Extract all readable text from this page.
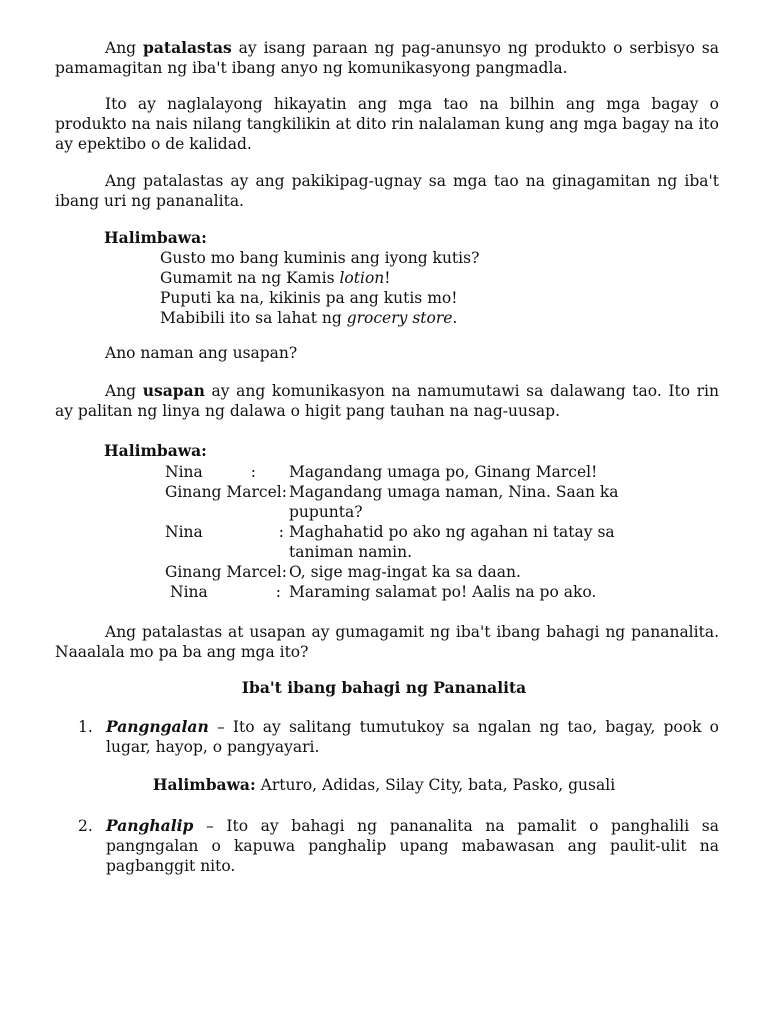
Ang patalastas ay isang paraan ng pag-anunsyo ng produkto o serbisyo sa pamamagitan ng iba't ibang anyo ng komunikasyong pangmadla.

Ito ay naglalayong hikayatin ang mga tao na bilhin ang mga bagay o produkto na nais nilang tangkilikin at dito rin nalalaman kung ang mga bagay na ito ay epektibo o de kalidad.

Ang patalastas ay ang pakikipag-ugnay sa mga tao na ginagamitan ng iba't ibang uri ng pananalita.

Halimbawa:
Gusto mo bang kuminis ang iyong kutis?
Gumamit na ng Kamis lotion!
Puputi ka na, kikinis pa ang kutis mo!
Mabibili ito sa lahat ng grocery store.

Ano naman ang usapan?

Ang usapan ay ang komunikasyon na namumutawi sa dalawang tao. Ito rin ay palitan ng linya ng dalawa o higit pang tauhan na nag-uusap.

Halimbawa:
Nina	:	Magandang umaga po, Ginang Marcel!
Ginang Marcel: Magandang umaga naman, Nina. Saan ka pupunta?
Nina	: Maghahatid po ako ng agahan ni tatay sa taniman namin.
Ginang Marcel: O, sige mag-ingat ka sa daan.
Nina	: Maraming salamat po! Aalis na po ako.

Ang patalastas at usapan ay gumagamit ng iba't ibang bahagi ng pananalita. Naaalala mo pa ba ang mga ito?

Iba't ibang bahagi ng Pananalita
1. Pangngalan – Ito ay salitang tumutukoy sa ngalan ng tao, bagay, pook o lugar, hayop, o pangyayari.
Halimbawa: Arturo, Adidas, Silay City, bata, Pasko, gusali
2. Panghalip – Ito ay bahagi ng pananalita na pamalit o panghalili sa pangngalan o kapuwa panghalip upang mabawasan ang paulit-ulit na pagbanggit nito.
